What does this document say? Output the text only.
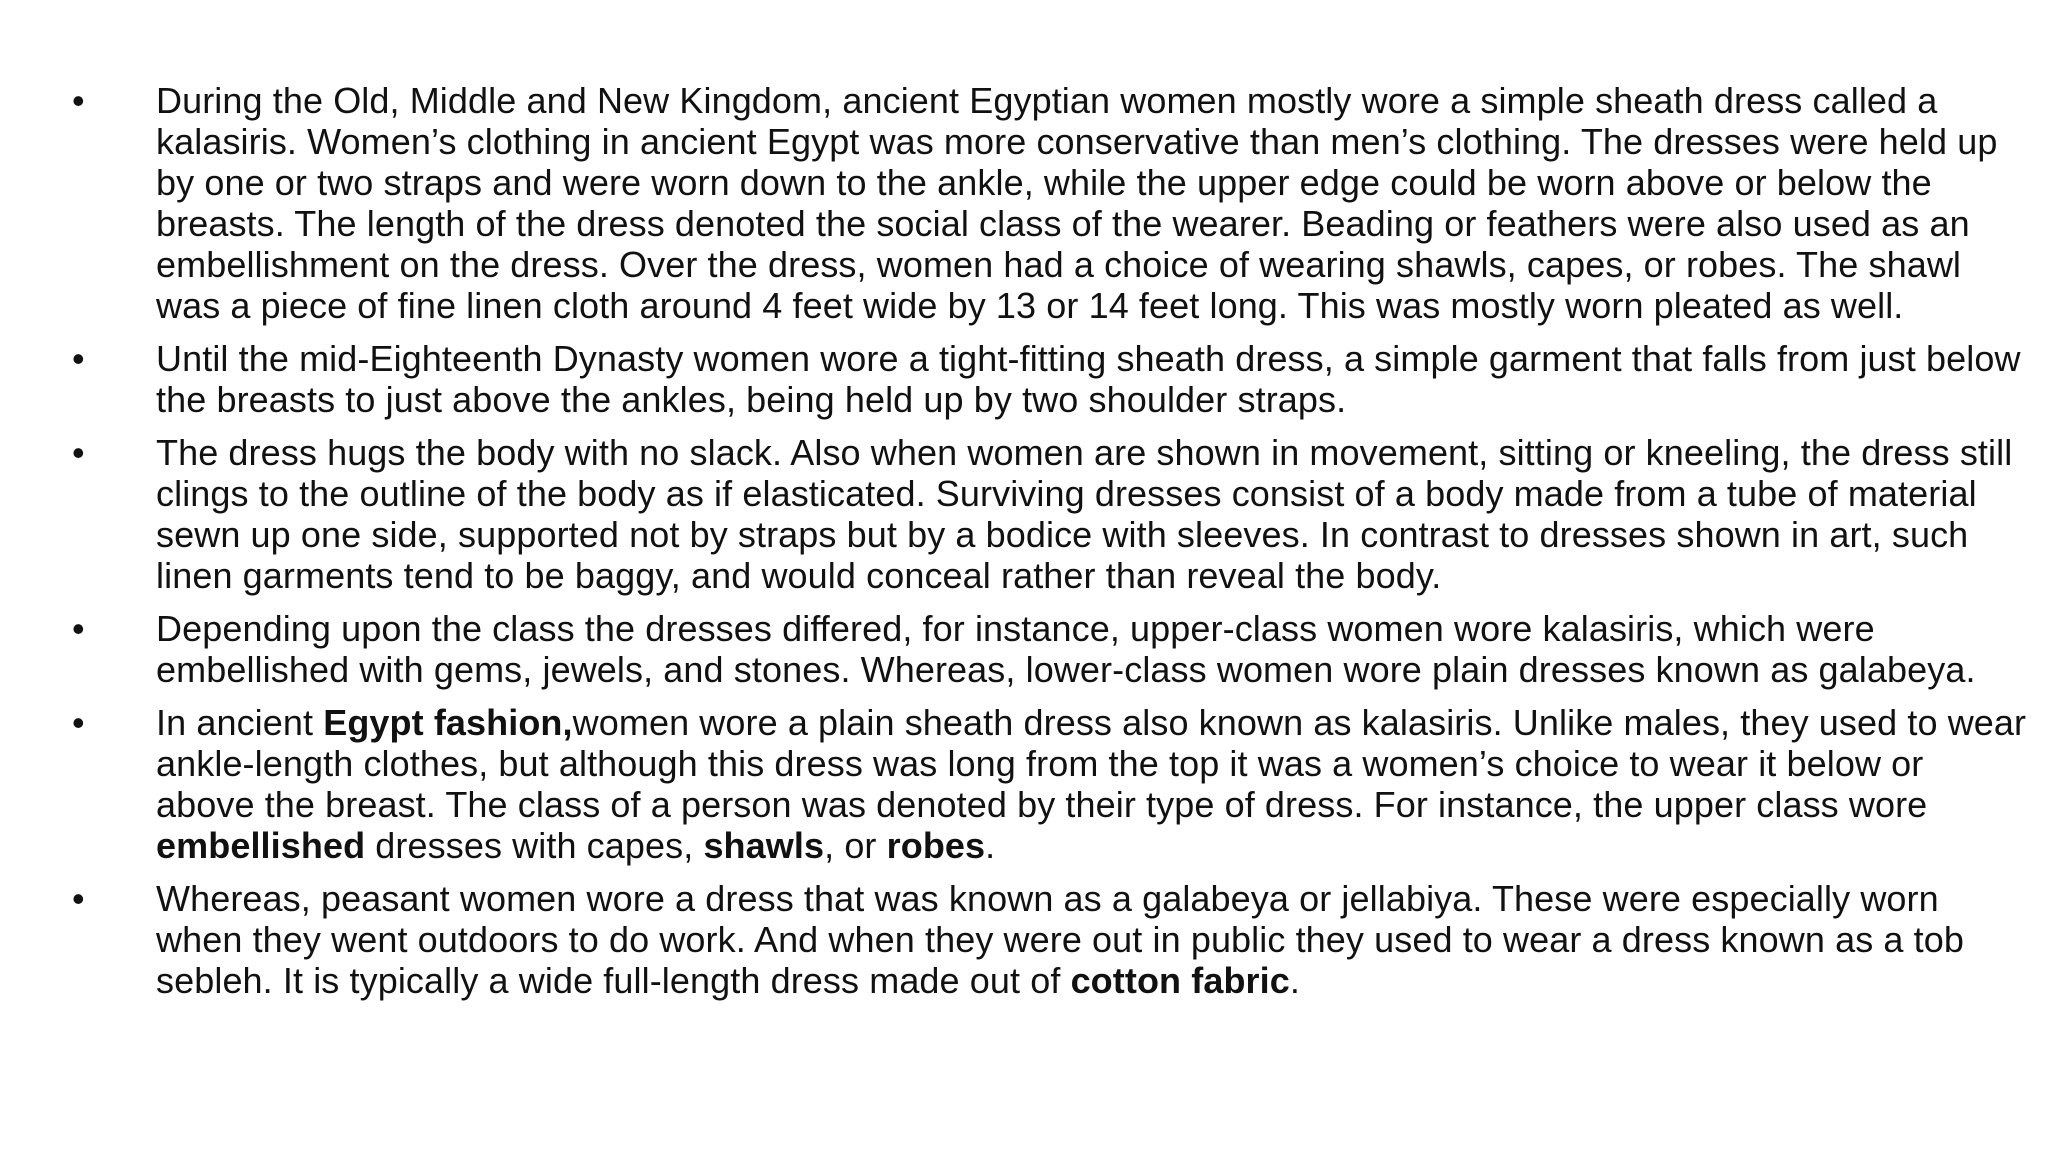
•	During the Old, Middle and New Kingdom, ancient Egyptian women mostly wore a simple sheath dress called a kalasiris. Women’s clothing in ancient Egypt was more conservative than men’s clothing. The dresses were held up by one or two straps and were worn down to the ankle, while the upper edge could be worn above or below the breasts. The length of the dress denoted the social class of the wearer. Beading or feathers were also used as an embellishment on the dress. Over the dress, women had a choice of wearing shawls, capes, or robes. The shawl was a piece of fine linen cloth around 4 feet wide by 13 or 14 feet long. This was mostly worn pleated as well.
•	Until the mid-Eighteenth Dynasty women wore a tight-fitting sheath dress, a simple garment that falls from just below the breasts to just above the ankles, being held up by two shoulder straps.
•	The dress hugs the body with no slack. Also when women are shown in movement, sitting or kneeling, the dress still clings to the outline of the body as if elasticated. Surviving dresses consist of a body made from a tube of material sewn up one side, supported not by straps but by a bodice with sleeves. In contrast to dresses shown in art, such linen garments tend to be baggy, and would conceal rather than reveal the body.
•	Depending upon the class the dresses differed, for instance, upper-class women wore kalasiris, which were embellished with gems, jewels, and stones. Whereas, lower-class women wore plain dresses known as galabeya.
•	In ancient Egypt fashion,women wore a plain sheath dress also known as kalasiris. Unlike males, they used to wear ankle-length clothes, but although this dress was long from the top it was a women’s choice to wear it below or above the breast. The class of a person was denoted by their type of dress. For instance, the upper class wore embellished dresses with capes, shawls, or robes.
•	Whereas, peasant women wore a dress that was known as a galabeya or jellabiya. These were especially worn when they went outdoors to do work. And when they were out in public they used to wear a dress known as a tob sebleh. It is typically a wide full-length dress made out of cotton fabric.
